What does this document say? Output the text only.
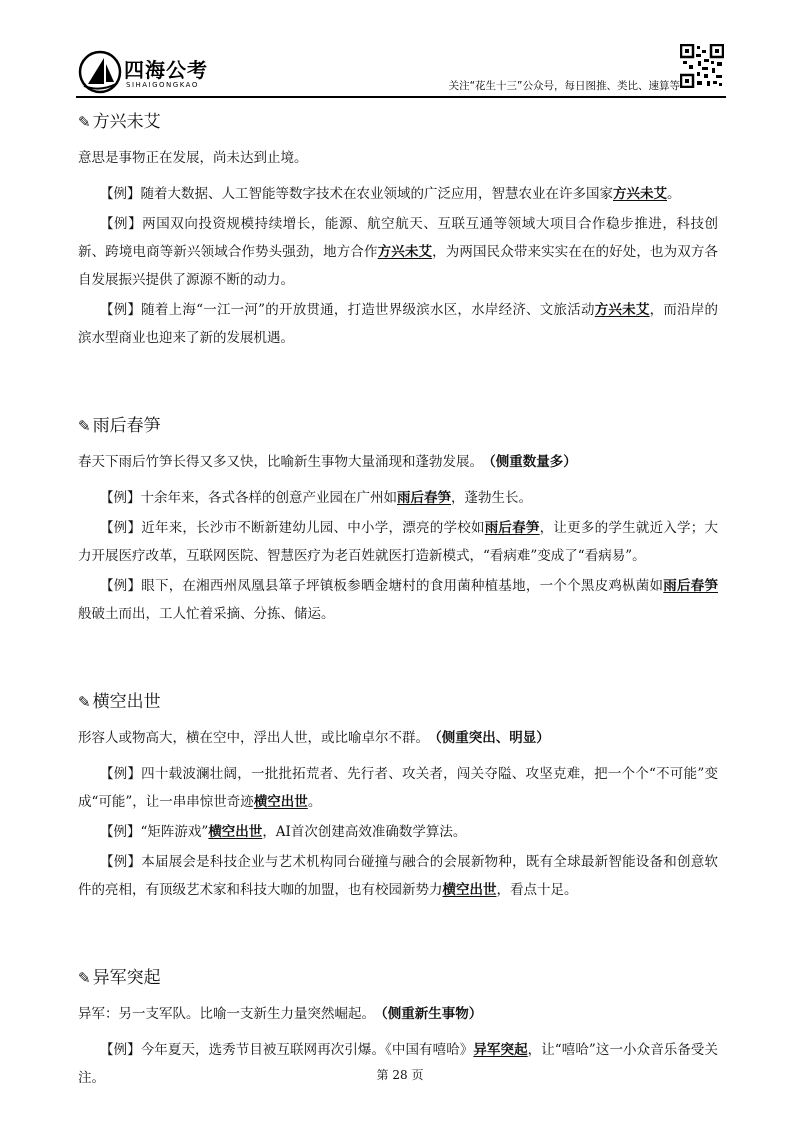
四海公考
SIHAIGONGKAO	关注“花生十三”公众号，每日图推、类比、速算等
✎ 方兴未艾
意思是事物正在发展，尚未达到止境。

【例】随着大数据、人工智能等数字技术在农业领域的广泛应用，智慧农业在许多国家方兴未艾。

【例】两国双向投资规模持续增长，能源、航空航天、互联互通等领域大项目合作稳步推进，科技创新、跨境电商等新兴领域合作势头强劲，地方合作方兴未艾，为两国民众带来实实在在的好处，也为双方各自发展振兴提供了源源不断的动力。

【例】随着上海“一江一河”的开放贯通，打造世界级滨水区，水岸经济、文旅活动方兴未艾，而沿岸的滨水型商业也迎来了新的发展机遇。

✎ 雨后春笋
春天下雨后竹笋长得又多又快，比喻新生事物大量涌现和蓬勃发展。 （侧重数量多）

【例】十余年来，各式各样的创意产业园在广州如雨后春笋，蓬勃生长。

【例】近年来，长沙市不断新建幼儿园、中小学，漂亮的学校如雨后春笋，让更多的学生就近入学；大力开展医疗改革，互联网医院、智慧医疗为老百姓就医打造新模式，“看病难”变成了“看病易”。

【例】眼下，在湘西州凤凰县箪子坪镇板参晒金塘村的食用菌种植基地，一个个黑皮鸡枞菌如雨后春笋般破土而出，工人忙着采摘、分拣、储运。

✎ 横空出世
形容人或物高大，横在空中，浮出人世，或比喻卓尔不群。 （侧重突出、明显）

【例】四十载波澜壮阔，一批批拓荒者、先行者、攻关者，闯关夺隘、攻坚克难，把一个个“不可能”变成“可能”，让一串串惊世奇迹横空出世。

【例】“矩阵游戏”横空出世，AI首次创建高效准确数学算法。

【例】本届展会是科技企业与艺术机构同台碰撞与融合的会展新物种，既有全球最新智能设备和创意软件的亮相，有顶级艺术家和科技大咖的加盟，也有校园新势力横空出世，看点十足。

✎ 异军突起
异军：另一支军队。比喻一支新生力量突然崛起。 （侧重新生事物）

【例】今年夏天，选秀节目被互联网再次引爆。《中国有嘻哈》异军突起，让“嘻哈”这一小众音乐备受关注。	第 28 页
